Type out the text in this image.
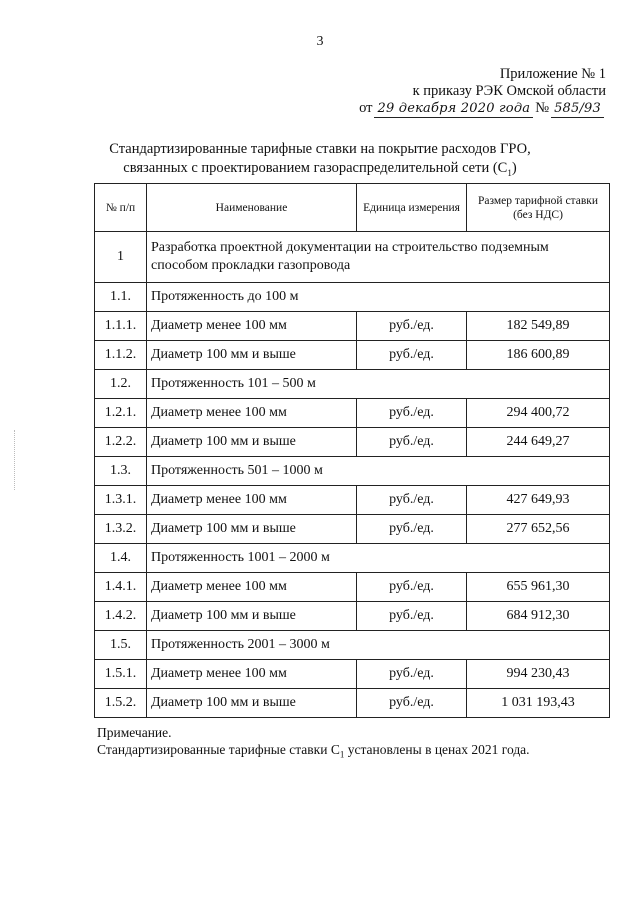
3
Приложение № 1
к приказу РЭК Омской области
от 29 декабря 2020 года № 585/93
Стандартизированные тарифные ставки на покрытие расходов ГРО,
связанных с проектированием газораспределительной сети $(С_1)$
№ п/п	Наименование	Единица измерения	Размер тарифной ставки (без НДС)
1	Разработка проектной документации на строительство подземным способом прокладки газопровода		
1.1.	Протяженность до 100 м		
1.1.1.	Диаметр менее 100 мм	руб./ед.	182 549,89
1.1.2.	Диаметр 100 мм и выше	руб./ед.	186 600,89
1.2.	Протяженность 101 – 500 м		
1.2.1.	Диаметр менее 100 мм	руб./ед.	294 400,72
1.2.2.	Диаметр 100 мм и выше	руб./ед.	244 649,27
1.3.	Протяженность 501 – 1000 м		
1.3.1.	Диаметр менее 100 мм	руб./ед.	427 649,93
1.3.2.	Диаметр 100 мм и выше	руб./ед.	277 652,56
1.4.	Протяженность 1001 – 2000 м		
1.4.1.	Диаметр менее 100 мм	руб./ед.	655 961,30
1.4.2.	Диаметр 100 мм и выше	руб./ед.	684 912,30
1.5.	Протяженность 2001 – 3000 м		
1.5.1.	Диаметр менее 100 мм	руб./ед.	994 230,43
1.5.2.	Диаметр 100 мм и выше	руб./ед.	1 031 193,43
Примечание.
Стандартизированные тарифные ставки $С_1$ установлены в ценах 2021 года.
